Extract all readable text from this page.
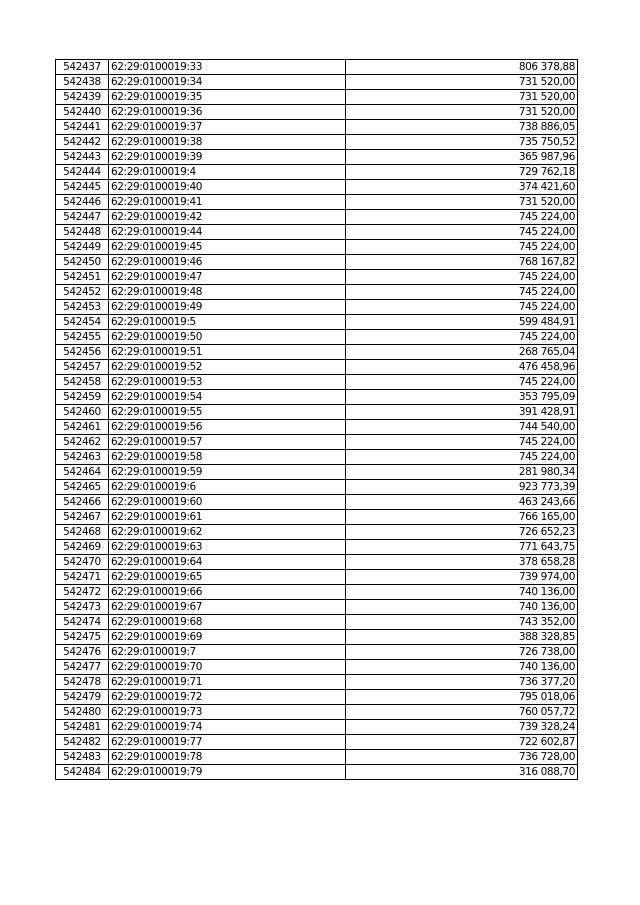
542437	62:29:0100019:33	806 378,88
542438	62:29:0100019:34	731 520,00
542439	62:29:0100019:35	731 520,00
542440	62:29:0100019:36	731 520,00
542441	62:29:0100019:37	738 886,05
542442	62:29:0100019:38	735 750,52
542443	62:29:0100019:39	365 987,96
542444	62:29:0100019:4	729 762,18
542445	62:29:0100019:40	374 421,60
542446	62:29:0100019:41	731 520,00
542447	62:29:0100019:42	745 224,00
542448	62:29:0100019:44	745 224,00
542449	62:29:0100019:45	745 224,00
542450	62:29:0100019:46	768 167,82
542451	62:29:0100019:47	745 224,00
542452	62:29:0100019:48	745 224,00
542453	62:29:0100019:49	745 224,00
542454	62:29:0100019:5	599 484,91
542455	62:29:0100019:50	745 224,00
542456	62:29:0100019:51	268 765,04
542457	62:29:0100019:52	476 458,96
542458	62:29:0100019:53	745 224,00
542459	62:29:0100019:54	353 795,09
542460	62:29:0100019:55	391 428,91
542461	62:29:0100019:56	744 540,00
542462	62:29:0100019:57	745 224,00
542463	62:29:0100019:58	745 224,00
542464	62:29:0100019:59	281 980,34
542465	62:29:0100019:6	923 773,39
542466	62:29:0100019:60	463 243,66
542467	62:29:0100019:61	766 165,00
542468	62:29:0100019:62	726 652,23
542469	62:29:0100019:63	771 643,75
542470	62:29:0100019:64	378 658,28
542471	62:29:0100019:65	739 974,00
542472	62:29:0100019:66	740 136,00
542473	62:29:0100019:67	740 136,00
542474	62:29:0100019:68	743 352,00
542475	62:29:0100019:69	388 328,85
542476	62:29:0100019:7	726 738,00
542477	62:29:0100019:70	740 136,00
542478	62:29:0100019:71	736 377,20
542479	62:29:0100019:72	795 018,06
542480	62:29:0100019:73	760 057,72
542481	62:29:0100019:74	739 328,24
542482	62:29:0100019:77	722 602,87
542483	62:29:0100019:78	736 728,00
542484	62:29:0100019:79	316 088,70
